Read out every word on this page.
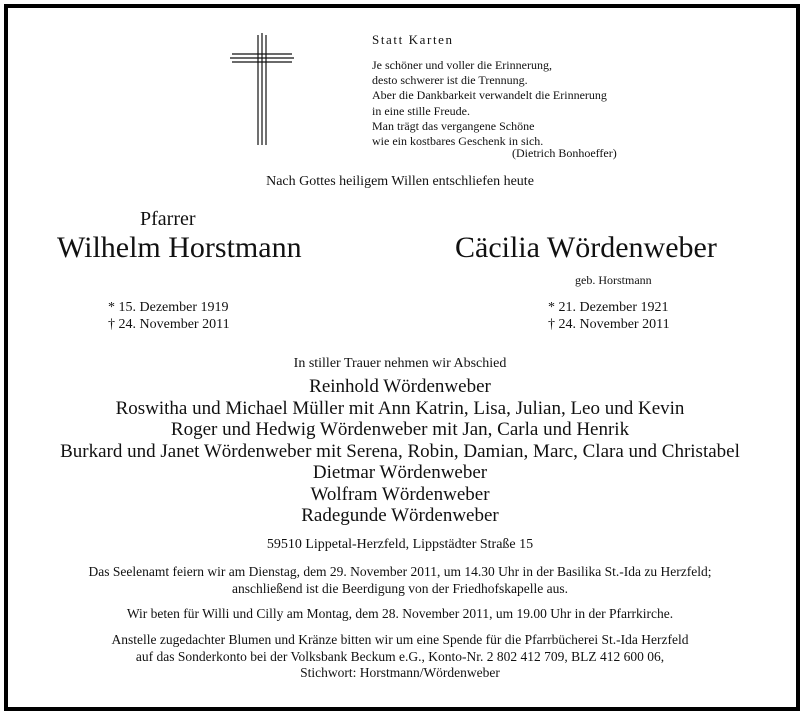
Statt Karten
Je schöner und voller die Erinnerung,
desto schwerer ist die Trennung.
Aber die Dankbarkeit verwandelt die Erinnerung
in eine stille Freude.
Man trägt das vergangene Schöne
wie ein kostbares Geschenk in sich.
(Dietrich Bonhoeffer)
Nach Gottes heiligem Willen entschliefen heute
Pfarrer
Wilhelm Horstmann
* 15. Dezember 1919
† 24. November 2011
Cäcilia Wördenweber
geb. Horstmann
* 21. Dezember 1921
† 24. November 2011
In stiller Trauer nehmen wir Abschied
Reinhold Wördenweber
Roswitha und Michael Müller mit Ann Katrin, Lisa, Julian, Leo und Kevin
Roger und Hedwig Wördenweber mit Jan, Carla und Henrik
Burkard und Janet Wördenweber mit Serena, Robin, Damian, Marc, Clara und Christabel
Dietmar Wördenweber
Wolfram Wördenweber
Radegunde Wördenweber
59510 Lippetal-Herzfeld, Lippstädter Straße 15
Das Seelenamt feiern wir am Dienstag, dem 29. November 2011, um 14.30 Uhr in der Basilika St.-Ida zu Herzfeld;
anschließend ist die Beerdigung von der Friedhofskapelle aus.
Wir beten für Willi und Cilly am Montag, dem 28. November 2011, um 19.00 Uhr in der Pfarrkirche.
Anstelle zugedachter Blumen und Kränze bitten wir um eine Spende für die Pfarrbücherei St.-Ida Herzfeld
auf das Sonderkonto bei der Volksbank Beckum e.G., Konto-Nr. 2 802 412 709, BLZ 412 600 06,
Stichwort: Horstmann/Wördenweber
